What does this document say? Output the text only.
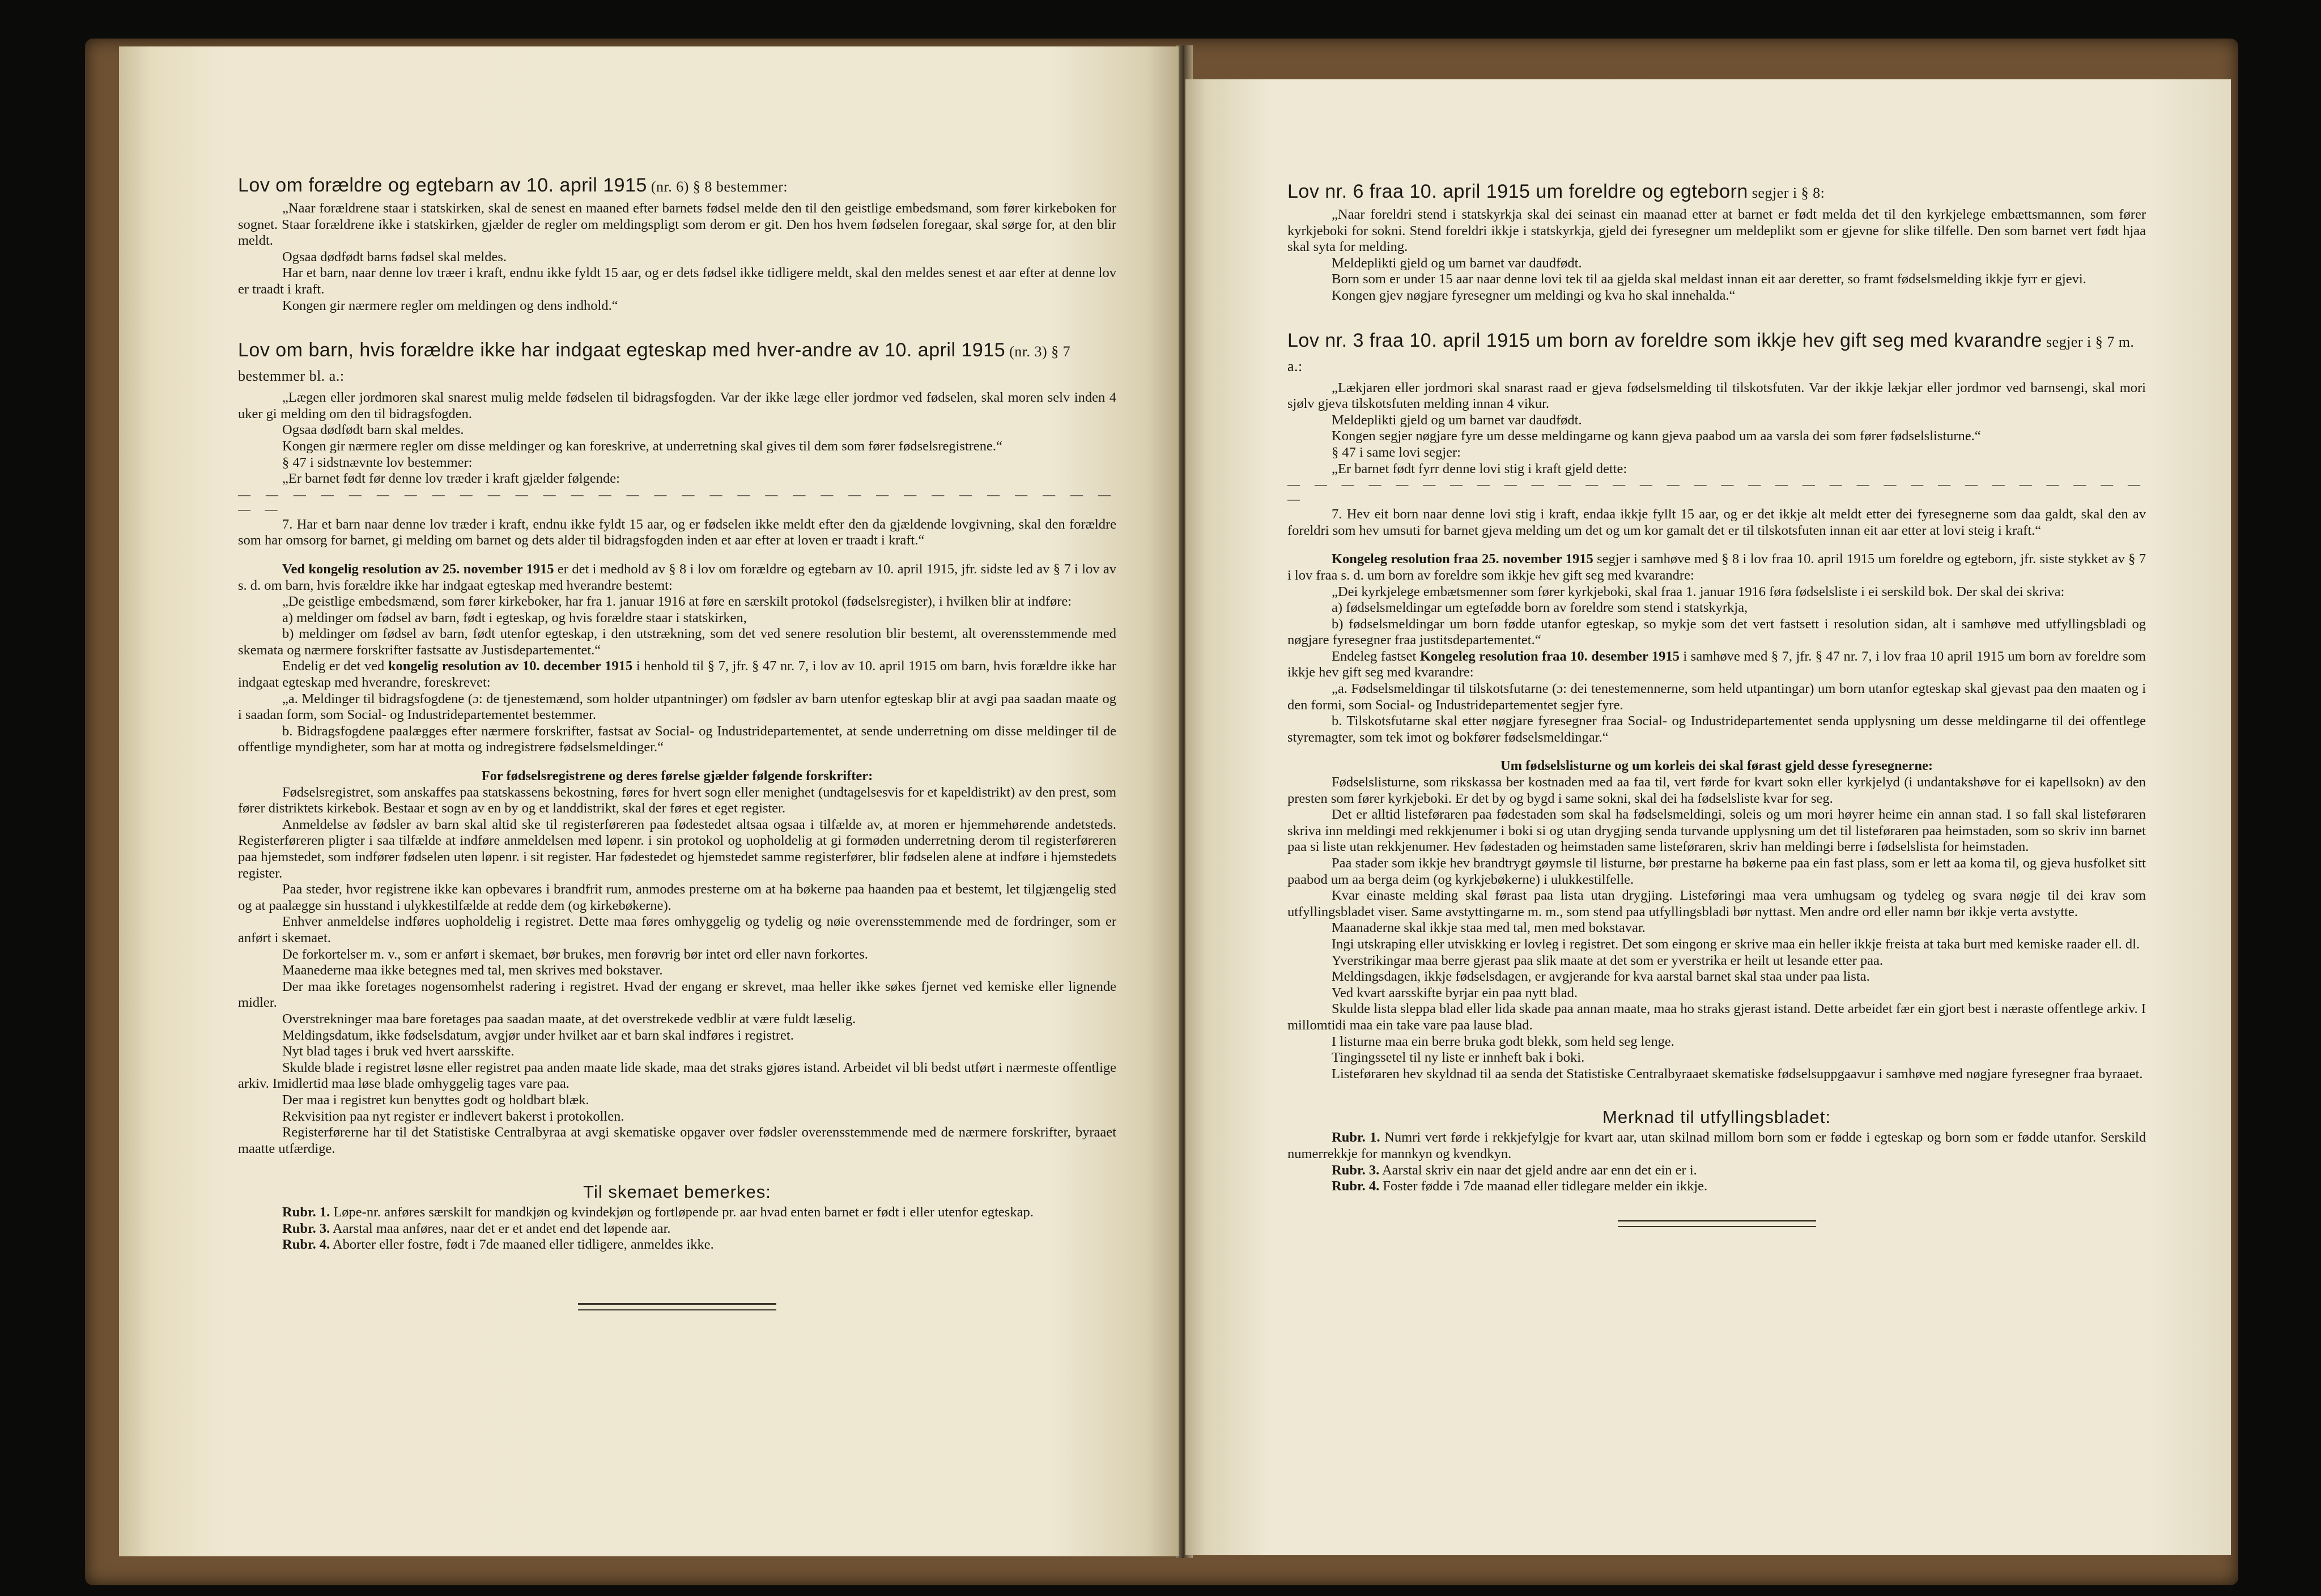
Lov om forældre og egtebarn av 10. april 1915 (nr. 6) § 8 bestemmer:

„Naar forældrene staar i statskirken, skal de senest en maaned efter barnets fødsel melde den til den geistlige embedsmand, som fører kirkeboken for sognet. Staar forældrene ikke i statskirken, gjælder de regler om meldingspligt som derom er git. Den hos hvem fødselen foregaar, skal sørge for, at den blir meldt.

Ogsaa dødfødt barns fødsel skal meldes.

Har et barn, naar denne lov træer i kraft, endnu ikke fyldt 15 aar, og er dets fødsel ikke tidligere meldt, skal den meldes senest et aar efter at denne lov er traadt i kraft.

Kongen gir nærmere regler om meldingen og dens indhold.“

Lov om barn, hvis forældre ikke har indgaat egteskap med hver-andre av 10. april 1915 (nr. 3) § 7 bestemmer bl. a.:

„Lægen eller jordmoren skal snarest mulig melde fødselen til bidragsfogden. Var der ikke læge eller jordmor ved fødselen, skal moren selv inden 4 uker gi melding om den til bidragsfogden.

Ogsaa dødfødt barn skal meldes.

Kongen gir nærmere regler om disse meldinger og kan foreskrive, at underretning skal gives til dem som fører fødselsregistrene.“

§ 47 i sidstnævnte lov bestemmer:

„Er barnet født før denne lov træder i kraft gjælder følgende:

— — — — — — — — — — — — — — — — — — — — — — — — — — — — — — — — — —

7. Har et barn naar denne lov træder i kraft, endnu ikke fyldt 15 aar, og er fødselen ikke meldt efter den da gjældende lovgivning, skal den forældre som har omsorg for barnet, gi melding om barnet og dets alder til bidragsfogden inden et aar efter at loven er traadt i kraft.“

Ved kongelig resolution av 25. november 1915 er det i medhold av § 8 i lov om forældre og egtebarn av 10. april 1915, jfr. sidste led av § 7 i lov av s. d. om barn, hvis forældre ikke har indgaat egteskap med hverandre bestemt:

„De geistlige embedsmænd, som fører kirkeboker, har fra 1. januar 1916 at føre en særskilt protokol (fødselsregister), i hvilken blir at indføre:

a) meldinger om fødsel av barn, født i egteskap, og hvis forældre staar i statskirken,

b) meldinger om fødsel av barn, født utenfor egteskap, i den utstrækning, som det ved senere resolution blir bestemt, alt overensstemmende med skemata og nærmere forskrifter fastsatte av Justisdepartementet.“

Endelig er det ved kongelig resolution av 10. december 1915 i henhold til § 7, jfr. § 47 nr. 7, i lov av 10. april 1915 om barn, hvis forældre ikke har indgaat egteskap med hverandre, foreskrevet:

„a. Meldinger til bidragsfogdene (ɔ: de tjenestemænd, som holder utpantninger) om fødsler av barn utenfor egteskap blir at avgi paa saadan maate og i saadan form, som Social- og Industridepartementet bestemmer.

b. Bidragsfogdene paalægges efter nærmere forskrifter, fastsat av Social- og Industridepartementet, at sende underretning om disse meldinger til de offentlige myndigheter, som har at motta og indregistrere fødselsmeldinger.“

For fødselsregistrene og deres førelse gjælder følgende forskrifter:

Fødselsregistret, som anskaffes paa statskassens bekostning, føres for hvert sogn eller menighet (undtagelsesvis for et kapeldistrikt) av den prest, som fører distriktets kirkebok. Bestaar et sogn av en by og et landdistrikt, skal der føres et eget register.

Anmeldelse av fødsler av barn skal altid ske til registerføreren paa fødestedet altsaa ogsaa i tilfælde av, at moren er hjemmehørende andetsteds. Registerføreren pligter i saa tilfælde at indføre anmeldelsen med løpenr. i sin protokol og uopholdelig at gi formøden underretning derom til registerføreren paa hjemstedet, som indfører fødselen uten løpenr. i sit register. Har fødestedet og hjemstedet samme registerfører, blir fødselen alene at indføre i hjemstedets register.

Paa steder, hvor registrene ikke kan opbevares i brandfrit rum, anmodes presterne om at ha bøkerne paa haanden paa et bestemt, let tilgjængelig sted og at paalægge sin husstand i ulykkestilfælde at redde dem (og kirkebøkerne).

Enhver anmeldelse indføres uopholdelig i registret. Dette maa føres omhyggelig og tydelig og nøie overensstemmende med de fordringer, som er anført i skemaet.

De forkortelser m. v., som er anført i skemaet, bør brukes, men forøvrig bør intet ord eller navn forkortes.

Maanederne maa ikke betegnes med tal, men skrives med bokstaver.

Der maa ikke foretages nogensomhelst radering i registret. Hvad der engang er skrevet, maa heller ikke søkes fjernet ved kemiske eller lignende midler.

Overstrekninger maa bare foretages paa saadan maate, at det overstrekede vedblir at være fuldt læselig.

Meldingsdatum, ikke fødselsdatum, avgjør under hvilket aar et barn skal indføres i registret.

Nyt blad tages i bruk ved hvert aarsskifte.

Skulde blade i registret løsne eller registret paa anden maate lide skade, maa det straks gjøres istand. Arbeidet vil bli bedst utført i nærmeste offentlige arkiv. Imidlertid maa løse blade omhyggelig tages vare paa.

Der maa i registret kun benyttes godt og holdbart blæk.

Rekvisition paa nyt register er indlevert bakerst i protokollen.

Registerførerne har til det Statistiske Centralbyraa at avgi skematiske opgaver over fødsler overensstemmende med de nærmere forskrifter, byraaet maatte utfærdige.

Til skemaet bemerkes:

Rubr. 1. Løpe-nr. anføres særskilt for mandkjøn og kvindekjøn og fortløpende pr. aar hvad enten barnet er født i eller utenfor egteskap.

Rubr. 3. Aarstal maa anføres, naar det er et andet end det løpende aar.

Rubr. 4. Aborter eller fostre, født i 7de maaned eller tidligere, anmeldes ikke.

Lov nr. 6 fraa 10. april 1915 um foreldre og egteborn segjer i § 8:

„Naar foreldri stend i statskyrkja skal dei seinast ein maanad etter at barnet er født melda det til den kyrkjelege embættsmannen, som fører kyrkjeboki for sokni. Stend foreldri ikkje i statskyrkja, gjeld dei fyresegner um meldeplikt som er gjevne for slike tilfelle. Den som barnet vert født hjaa skal syta for melding.

Meldeplikti gjeld og um barnet var daudfødt.

Born som er under 15 aar naar denne lovi tek til aa gjelda skal meldast innan eit aar deretter, so framt fødselsmelding ikkje fyrr er gjevi.

Kongen gjev nøgjare fyresegner um meldingi og kva ho skal innehalda.“

Lov nr. 3 fraa 10. april 1915 um born av foreldre som ikkje hev gift seg med kvarandre segjer i § 7 m. a.:

„Lækjaren eller jordmori skal snarast raad er gjeva fødselsmelding til tilskotsfuten. Var der ikkje lækjar eller jordmor ved barnsengi, skal mori sjølv gjeva tilskotsfuten melding innan 4 vikur.

Meldeplikti gjeld og um barnet var daudfødt.

Kongen segjer nøgjare fyre um desse meldingarne og kann gjeva paabod um aa varsla dei som fører fødselslisturne.“

§ 47 i same lovi segjer:

„Er barnet født fyrr denne lovi stig i kraft gjeld dette:

— — — — — — — — — — — — — — — — — — — — — — — — — — — — — — — — —

7. Hev eit born naar denne lovi stig i kraft, endaa ikkje fyllt 15 aar, og er det ikkje alt meldt etter dei fyresegnerne som daa galdt, skal den av foreldri som hev umsuti for barnet gjeva melding um det og um kor gamalt det er til tilskotsfuten innan eit aar etter at lovi steig i kraft.“

Kongeleg resolution fraa 25. november 1915 segjer i samhøve med § 8 i lov fraa 10. april 1915 um foreldre og egteborn, jfr. siste stykket av § 7 i lov fraa s. d. um born av foreldre som ikkje hev gift seg med kvarandre:

„Dei kyrkjelege embætsmenner som fører kyrkjeboki, skal fraa 1. januar 1916 føra fødselsliste i ei serskild bok. Der skal dei skriva:

a) fødselsmeldingar um egtefødde born av foreldre som stend i statskyrkja,

b) fødselsmeldingar um born fødde utanfor egteskap, so mykje som det vert fastsett i resolution sidan, alt i samhøve med utfyllingsbladi og nøgjare fyresegner fraa justitsdepartementet.“

Endeleg fastset Kongeleg resolution fraa 10. desember 1915 i samhøve med § 7, jfr. § 47 nr. 7, i lov fraa 10 april 1915 um born av foreldre som ikkje hev gift seg med kvarandre:

„a. Fødselsmeldingar til tilskotsfutarne (ɔ: dei tenestemennerne, som held utpantingar) um born utanfor egteskap skal gjevast paa den maaten og i den formi, som Social- og Industridepartementet segjer fyre.

b. Tilskotsfutarne skal etter nøgjare fyresegner fraa Social- og Industridepartementet senda upplysning um desse meldingarne til dei offentlege styremagter, som tek imot og bokfører fødselsmeldingar.“

Um fødselslisturne og um korleis dei skal førast gjeld desse fyresegnerne:

Fødselslisturne, som rikskassa ber kostnaden med aa faa til, vert førde for kvart sokn eller kyrkjelyd (i undantakshøve for ei kapellsokn) av den presten som fører kyrkjeboki. Er det by og bygd i same sokni, skal dei ha fødselsliste kvar for seg.

Det er alltid listeføraren paa fødestaden som skal ha fødselsmeldingi, soleis og um mori høyrer heime ein annan stad. I so fall skal listeføraren skriva inn meldingi med rekkjenumer i boki si og utan drygjing senda turvande upplysning um det til listeføraren paa heimstaden, som so skriv inn barnet paa si liste utan rekkjenumer. Hev fødestaden og heimstaden same listeføraren, skriv han meldingi berre i fødselslista for heimstaden.

Paa stader som ikkje hev brandtrygt gøymsle til listurne, bør prestarne ha bøkerne paa ein fast plass, som er lett aa koma til, og gjeva husfolket sitt paabod um aa berga deim (og kyrkjebøkerne) i ulukkestilfelle.

Kvar einaste melding skal førast paa lista utan drygjing. Listeføringi maa vera umhugsam og tydeleg og svara nøgje til dei krav som utfyllingsbladet viser. Same avstyttingarne m. m., som stend paa utfyllingsbladi bør nyttast. Men andre ord eller namn bør ikkje verta avstytte.

Maanaderne skal ikkje staa med tal, men med bokstavar.

Ingi utskraping eller utviskking er lovleg i registret. Det som eingong er skrive maa ein heller ikkje freista at taka burt med kemiske raader ell. dl.

Yverstrikingar maa berre gjerast paa slik maate at det som er yverstrika er heilt ut lesande etter paa.

Meldingsdagen, ikkje fødselsdagen, er avgjerande for kva aarstal barnet skal staa under paa lista.

Ved kvart aarsskifte byrjar ein paa nytt blad.

Skulde lista sleppa blad eller lida skade paa annan maate, maa ho straks gjerast istand. Dette arbeidet fær ein gjort best i næraste offentlege arkiv. I millomtidi maa ein take vare paa lause blad.

I listurne maa ein berre bruka godt blekk, som held seg lenge.

Tingingssetel til ny liste er innheft bak i boki.

Listeføraren hev skyldnad til aa senda det Statistiske Centralbyraaet skematiske fødselsuppgaavur i samhøve med nøgjare fyresegner fraa byraaet.

Merknad til utfyllingsbladet:

Rubr. 1. Numri vert førde i rekkjefylgje for kvart aar, utan skilnad millom born som er fødde i egteskap og born som er fødde utanfor. Serskild numerrekkje for mannkyn og kvendkyn.

Rubr. 3. Aarstal skriv ein naar det gjeld andre aar enn det ein er i.

Rubr. 4. Foster fødde i 7de maanad eller tidlegare melder ein ikkje.
